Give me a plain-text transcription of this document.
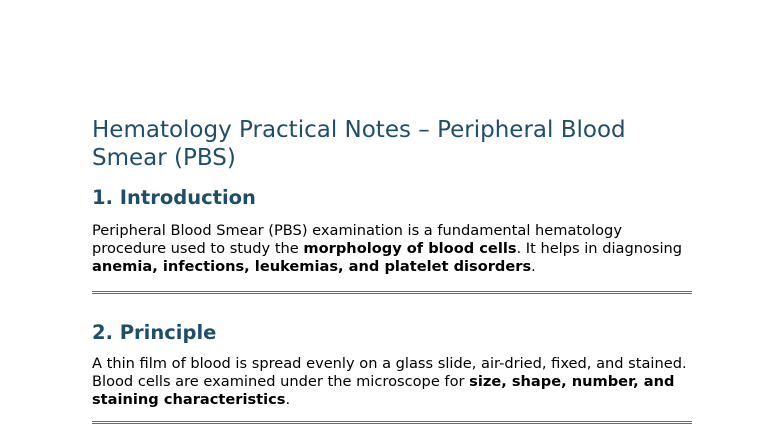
Hematology Practical Notes – Peripheral Blood Smear (PBS)
1. Introduction

Peripheral Blood Smear (PBS) examination is a fundamental hematology procedure used to study the morphology of blood cells. It helps in diagnosing anemia, infections, leukemias, and platelet disorders.

2. Principle

A thin film of blood is spread evenly on a glass slide, air-dried, fixed, and stained. Blood cells are examined under the microscope for size, shape, number, and staining characteristics.
